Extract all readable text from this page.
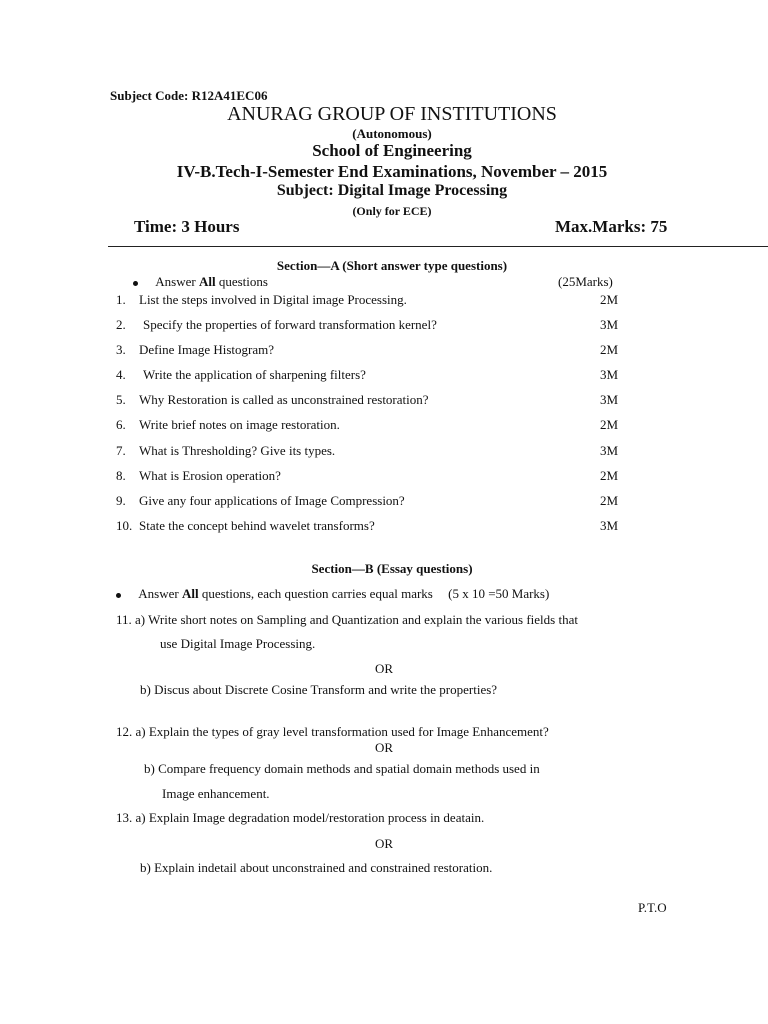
Subject Code: R12A41EC06
ANURAG GROUP OF INSTITUTIONS
(Autonomous)
School of Engineering
IV-B.Tech-I-Semester End Examinations, November – 2015
Subject: Digital Image Processing
(Only for ECE)
Time: 3 Hours	Max.Marks: 75
Section—A (Short answer type questions)
Answer All questions	(25Marks)
1. List the steps involved in Digital image Processing.	2M
2. Specify the properties of forward transformation kernel?	3M
3. Define Image Histogram?	2M
4. Write the application of sharpening filters?	3M
5. Why Restoration is called as unconstrained restoration?	3M
6. Write brief notes on image restoration.	2M
7. What is Thresholding? Give its types.	3M
8. What is Erosion operation?	2M
9. Give any four applications of Image Compression?	2M
10. State the concept behind wavelet transforms?	3M
Section—B (Essay questions)
Answer All questions, each question carries equal marks (5 x 10 =50 Marks)
11. a) Write short notes on Sampling and Quantization and explain the various fields that
use Digital Image Processing.
OR
b) Discus about Discrete Cosine Transform and write the properties?
12. a) Explain the types of gray level transformation used for Image Enhancement?
OR
b) Compare frequency domain methods and spatial domain methods used in
Image enhancement.
13. a) Explain Image degradation model/restoration process in deatain.
OR
b) Explain indetail about unconstrained and constrained restoration.
P.T.O
